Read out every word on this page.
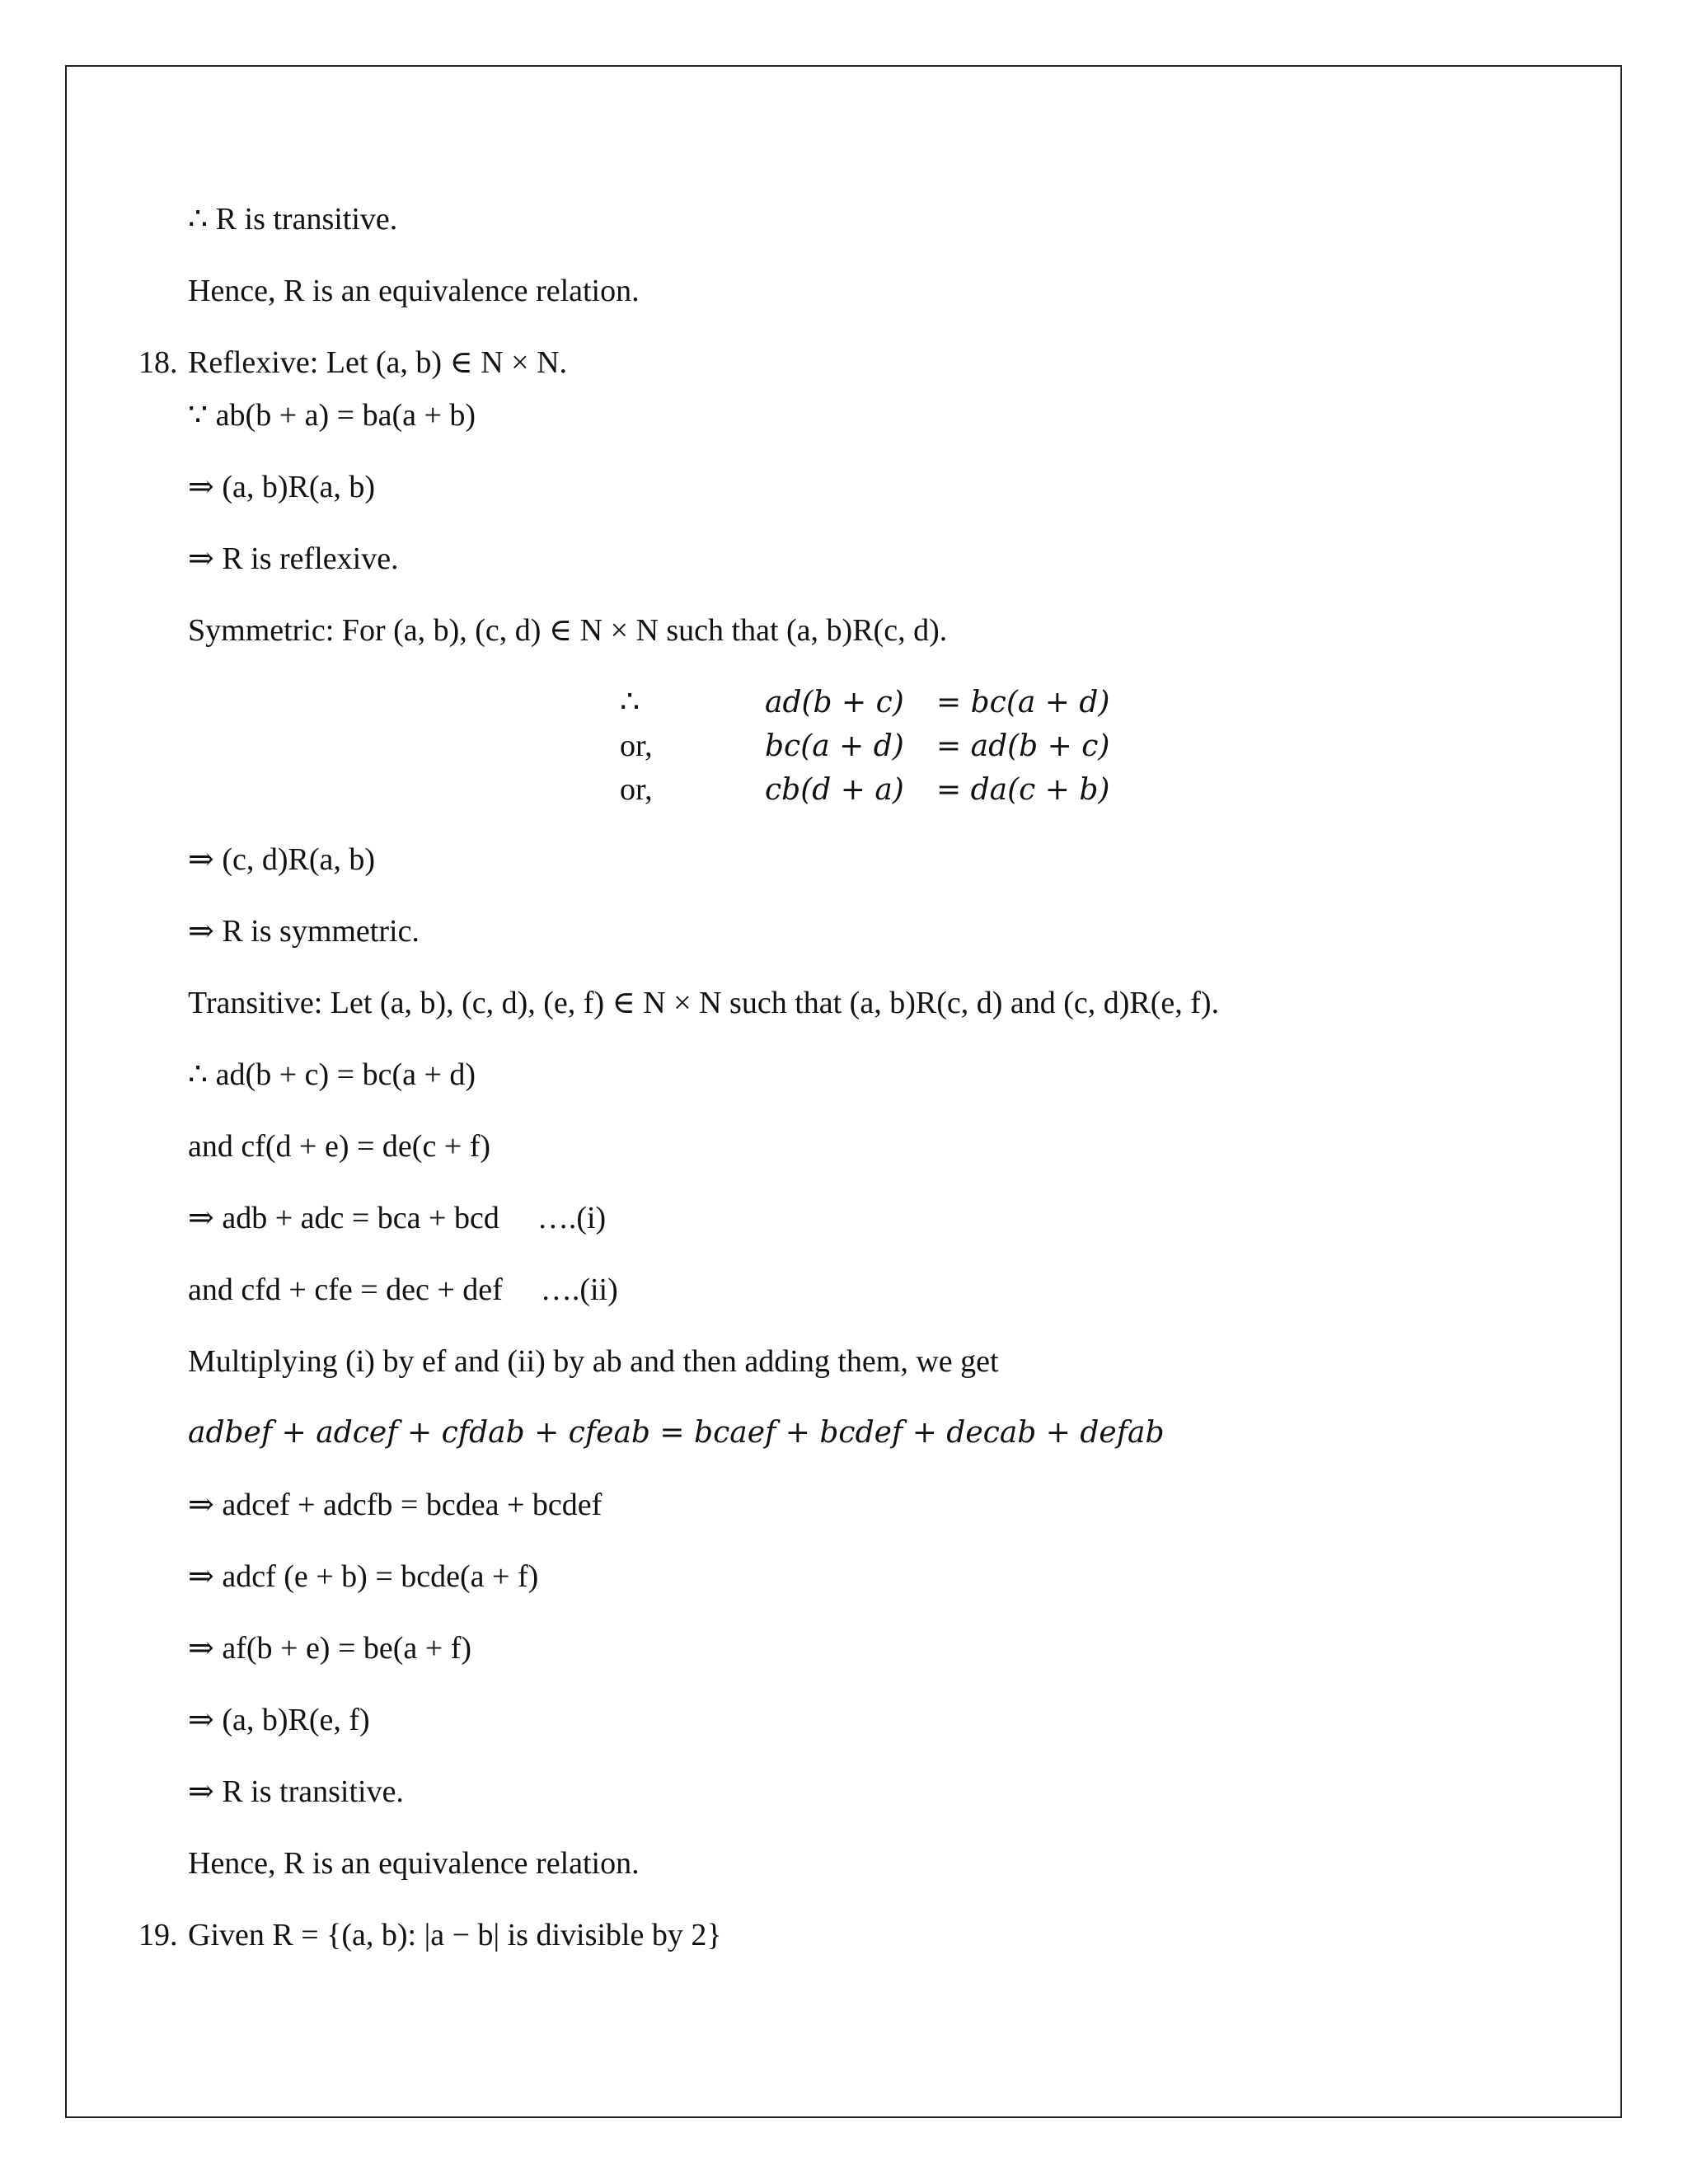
∴ R is transitive.
Hence, R is an equivalence relation.
18. Reflexive: Let (a, b) ∈ N × N.
∵ ab(b + a) = ba(a + b)
⇒ (a, b)R(a, b)
⇒ R is reflexive.
Symmetric: For (a, b), (c, d) ∈ N × N such that (a, b)R(c, d).
∴	ad(b + c) = bc(a + d)
or,	bc(a + d) = ad(b + c)
or,	cb(d + a) = da(c + b)
⇒ (c, d)R(a, b)
⇒ R is symmetric.
Transitive: Let (a, b), (c, d), (e, f) ∈ N × N such that (a, b)R(c, d) and (c, d)R(e, f).
∴ ad(b + c) = bc(a + d)
and cf(d + e) = de(c + f)
⇒ adb + adc = bca + bcd ….(i)
and cfd + cfe = dec + def ….(ii)
Multiplying (i) by ef and (ii) by ab and then adding them, we get
adbef + adcef + cfdab + cfeab = bcaef + bcdef + decab + defab
⇒ adcef + adcfb = bcdea + bcdef
⇒ adcf (e + b) = bcde(a + f)
⇒ af(b + e) = be(a + f)
⇒ (a, b)R(e, f)
⇒ R is transitive.
Hence, R is an equivalence relation.
19. Given R = {(a, b): |a − b| is divisible by 2}
